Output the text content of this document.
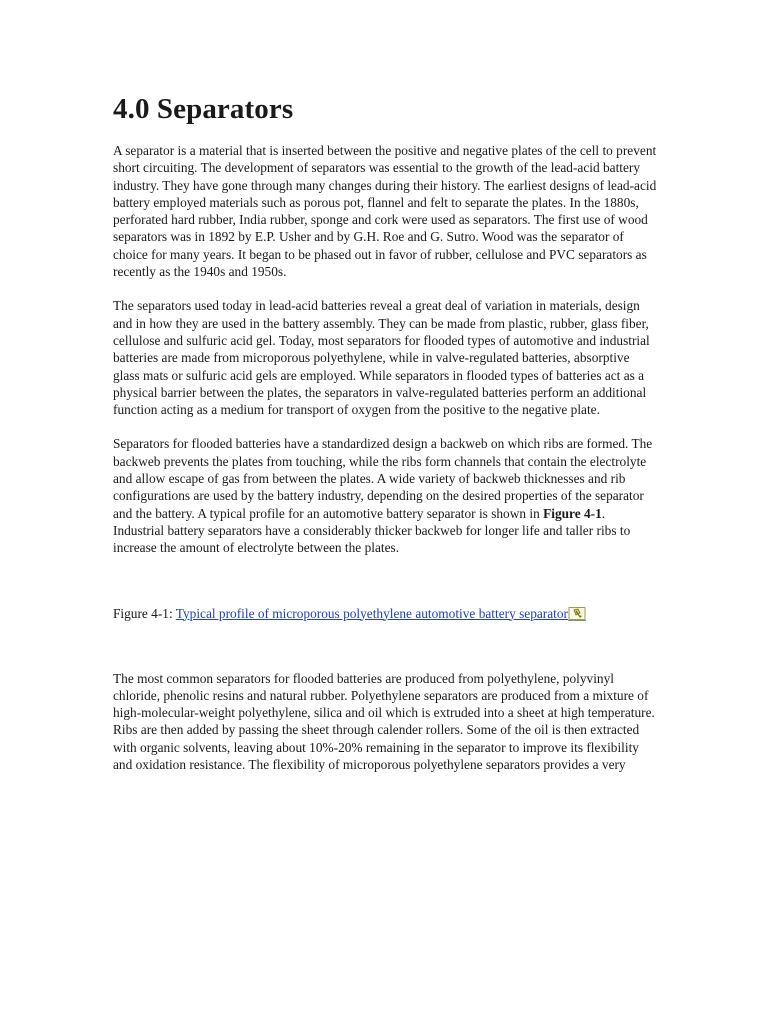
4.0 Separators

A separator is a material that is inserted between the positive and negative plates of the cell to prevent short circuiting. The development of separators was essential to the growth of the lead-acid battery industry. They have gone through many changes during their history. The earliest designs of lead-acid battery employed materials such as porous pot, flannel and felt to separate the plates. In the 1880s, perforated hard rubber, India rubber, sponge and cork were used as separators. The first use of wood separators was in 1892 by E.P. Usher and by G.H. Roe and G. Sutro. Wood was the separator of choice for many years. It began to be phased out in favor of rubber, cellulose and PVC separators as recently as the 1940s and 1950s.

The separators used today in lead-acid batteries reveal a great deal of variation in materials, design and in how they are used in the battery assembly. They can be made from plastic, rubber, glass fiber, cellulose and sulfuric acid gel. Today, most separators for flooded types of automotive and industrial batteries are made from microporous polyethylene, while in valve-regulated batteries, absorptive glass mats or sulfuric acid gels are employed. While separators in flooded types of batteries act as a physical barrier between the plates, the separators in valve-regulated batteries perform an additional function acting as a medium for transport of oxygen from the positive to the negative plate.

Separators for flooded batteries have a standardized design a backweb on which ribs are formed. The backweb prevents the plates from touching, while the ribs form channels that contain the electrolyte and allow escape of gas from between the plates. A wide variety of backweb thicknesses and rib configurations are used by the battery industry, depending on the desired properties of the separator and the battery. A typical profile for an automotive battery separator is shown in Figure 4-1. Industrial battery separators have a considerably thicker backweb for longer life and taller ribs to increase the amount of electrolyte between the plates.

Figure 4-1: Typical profile of microporous polyethylene automotive battery separator

The most common separators for flooded batteries are produced from polyethylene, polyvinyl chloride, phenolic resins and natural rubber. Polyethylene separators are produced from a mixture of high-molecular-weight polyethylene, silica and oil which is extruded into a sheet at high temperature. Ribs are then added by passing the sheet through calender rollers. Some of the oil is then extracted with organic solvents, leaving about 10%-20% remaining in the separator to improve its flexibility and oxidation resistance. The flexibility of microporous polyethylene separators provides a very
